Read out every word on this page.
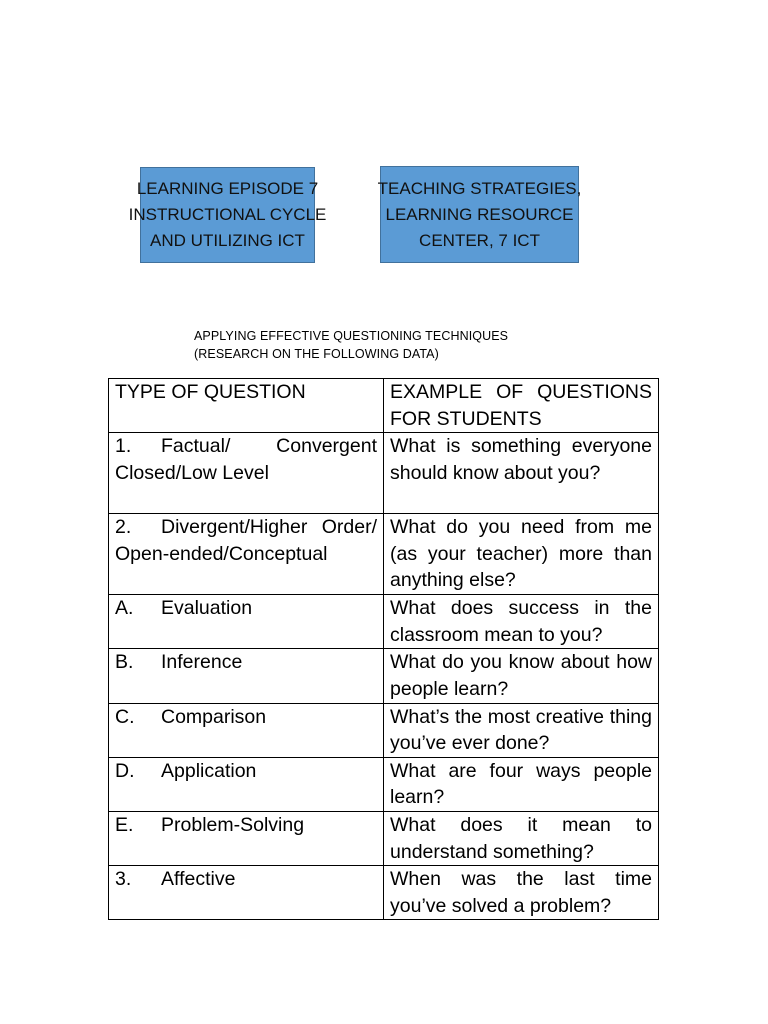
LEARNING EPISODE 7
INSTRUCTIONAL CYCLE
AND UTILIZING ICT
TEACHING STRATEGIES,
LEARNING RESOURCE
CENTER, 7 ICT
APPLYING EFFECTIVE QUESTIONING TECHNIQUES
(RESEARCH ON THE FOLLOWING DATA)
TYPE OF QUESTION	EXAMPLE OF QUESTIONS FOR STUDENTS
1. Factual/ Convergent Closed/Low Level	What is something everyone should know about you?
2. Divergent/Higher Order/ Open-ended/Conceptual	What do you need from me (as your teacher) more than anything else?
A. Evaluation	What does success in the classroom mean to you?
B. Inference	What do you know about how people learn?
C. Comparison	What’s the most creative thing you’ve ever done?
D. Application	What are four ways people learn?
E. Problem-Solving	What does it mean to understand something?
3. Affective	When was the last time you’ve solved a problem?
